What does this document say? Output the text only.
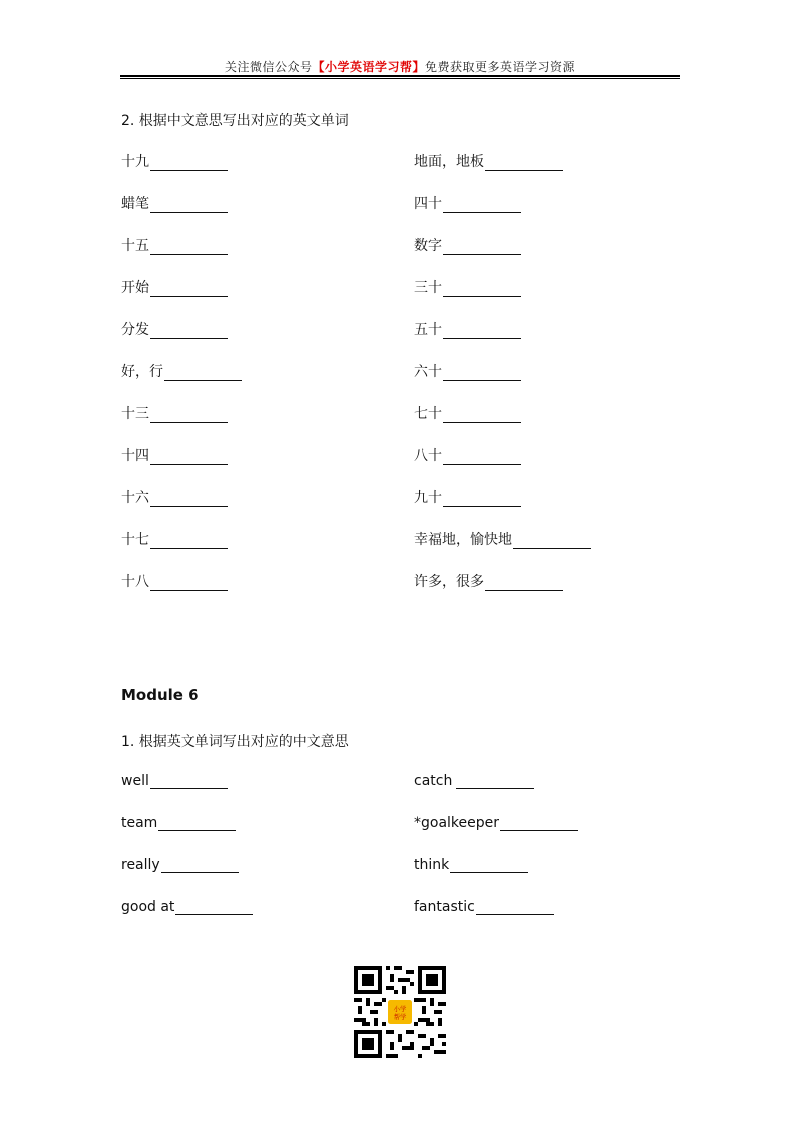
关注微信公众号【小学英语学习帮】免费获取更多英语学习资源
2. 根据中文意思写出对应的英文单词
十九
蜡笔
十五
开始
分发
好，行
十三
十四
十六
十七
十八
地面，地板
四十
数字
三十
五十
六十
七十
八十
九十
幸福地，愉快地
许多，很多
Module 6
1. 根据英文单词写出对应的中文意思
well
team
really
good at
catch
*goalkeeper
think
fantastic
小学
帮学
